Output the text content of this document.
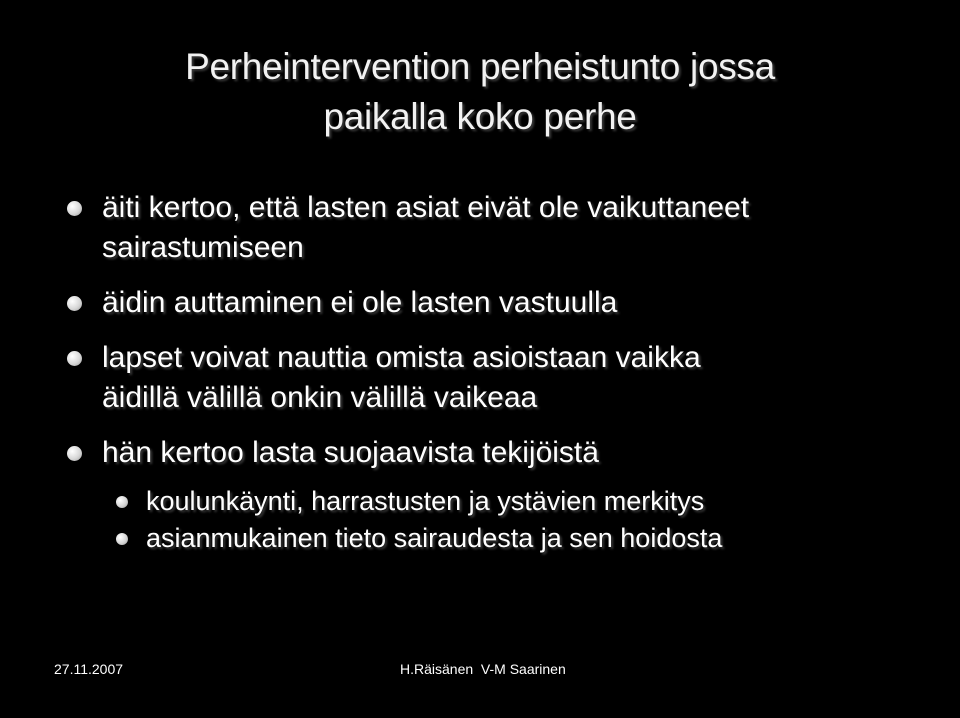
Perheintervention perheistunto jossa
paikalla koko perhe
äiti kertoo, että lasten asiat eivät ole vaikuttaneet
sairastumiseen
äidin auttaminen ei ole lasten vastuulla
lapset voivat nauttia omista asioistaan vaikka
äidillä välillä onkin välillä vaikeaa
hän kertoo lasta suojaavista tekijöistä
koulunkäynti, harrastusten ja ystävien merkitys
asianmukainen tieto sairaudesta ja sen hoidosta
27.11.2007	H.Räisänen  V-M Saarinen
